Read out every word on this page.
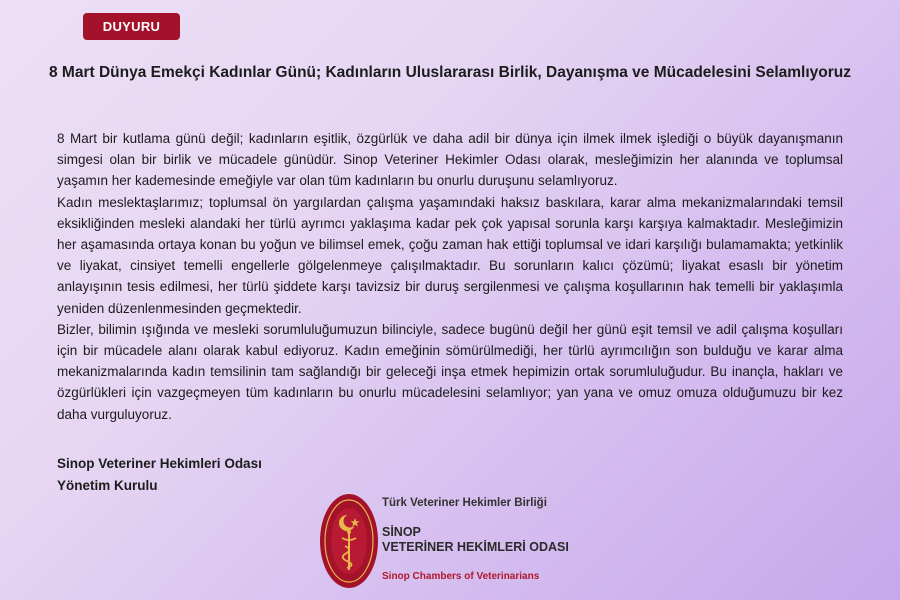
DUYURU
8 Mart Dünya Emekçi Kadınlar Günü; Kadınların Uluslararası Birlik, Dayanışma ve Mücadelesini Selamlıyoruz

8 Mart bir kutlama günü değil; kadınların eşitlik, özgürlük ve daha adil bir dünya için ilmek ilmek işlediği o büyük dayanışmanın simgesi olan bir birlik ve mücadele günüdür. Sinop Veteriner Hekimler Odası olarak, mesleğimizin her alanında ve toplumsal yaşamın her kademesinde emeğiyle var olan tüm kadınların bu onurlu duruşunu selamlıyoruz.

Kadın meslektaşlarımız; toplumsal ön yargılardan çalışma yaşamındaki haksız baskılara, karar alma mekanizmalarındaki temsil eksikliğinden mesleki alandaki her türlü ayrımcı yaklaşıma kadar pek çok yapısal sorunla karşı karşıya kalmaktadır. Mesleğimizin her aşamasında ortaya konan bu yoğun ve bilimsel emek, çoğu zaman hak ettiği toplumsal ve idari karşılığı bulamamakta; yetkinlik ve liyakat, cinsiyet temelli engellerle gölgelenmeye çalışılmaktadır. Bu sorunların kalıcı çözümü; liyakat esaslı bir yönetim anlayışının tesis edilmesi, her türlü şiddete karşı tavizsiz bir duruş sergilenmesi ve çalışma koşullarının hak temelli bir yaklaşımla yeniden düzenlenmesinden geçmektedir.

Bizler, bilimin ışığında ve mesleki sorumluluğumuzun bilinciyle, sadece bugünü değil her günü eşit temsil ve adil çalışma koşulları için bir mücadele alanı olarak kabul ediyoruz. Kadın emeğinin sömürülmediği, her türlü ayrımcılığın son bulduğu ve karar alma mekanizmalarında kadın temsilinin tam sağlandığı bir geleceği inşa etmek hepimizin ortak sorumluluğudur. Bu inançla, hakları ve özgürlükleri için vazgeçmeyen tüm kadınların bu onurlu mücadelesini selamlıyor; yan yana ve omuz omuza olduğumuzu bir kez daha vurguluyoruz.

Sinop Veteriner Hekimleri Odası
Yönetim Kurulu
Türk Veteriner Hekimler Birliği
SİNOP
VETERİNER HEKİMLERİ ODASI
Sinop Chambers of Veterinarians
